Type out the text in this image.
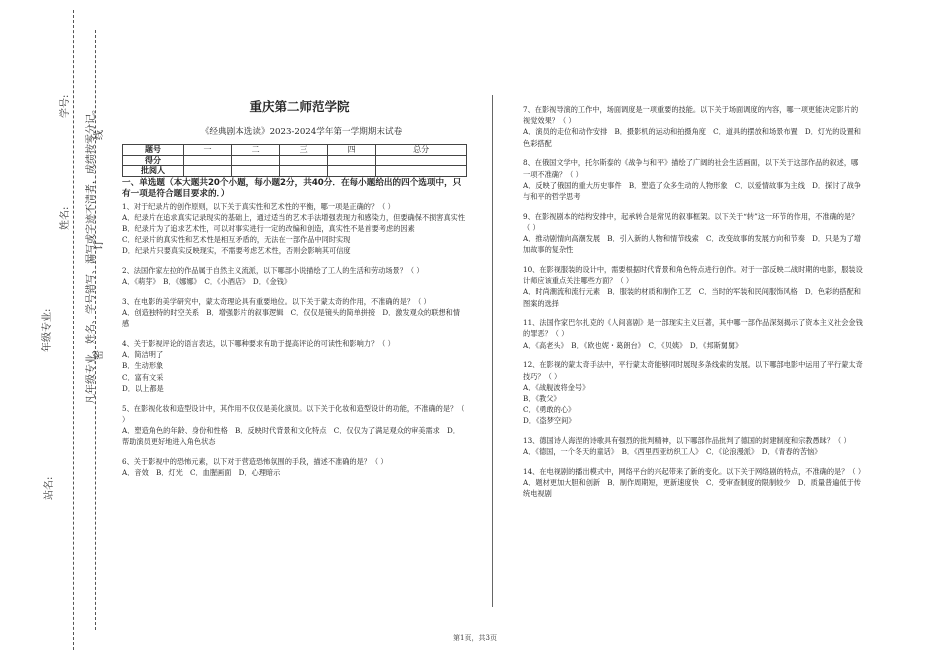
学号:
姓名:
年级专业:
站名:
凡年级专业、姓名、学号错写、漏写或字迹不清者，成绩按零分记。
线
订
密
重庆第二师范学院
《经典剧本选读》2023-2024学年第一学期期末试卷
题号	一	二	三	四	总分
得分					
批阅人					
一、单选题（本大题共20个小题，每小题2分，共40分．在每小题给出的四个选项中，只有一项是符合题目要求的．）

1、对于纪录片的创作原则，以下关于真实性和艺术性的平衡，哪一项是正确的？（ ）

A．纪录片在追求真实记录现实的基础上，通过适当的艺术手法增强表现力和感染力，但要确保不损害真实性

B．纪录片为了追求艺术性，可以对事实进行一定的改编和创造，真实性不是首要考虑的因素

C．纪录片的真实性和艺术性是相互矛盾的，无法在一部作品中同时实现

D．纪录片只要真实反映现实，不需要考虑艺术性，否则会影响其可信度

2、法国作家左拉的作品属于自然主义流派，以下哪部小说描绘了工人的生活和劳动场景？（ ）

A．《萌芽》　B．《娜娜》　C．《小酒店》　D．《金钱》

3、在电影的美学研究中，蒙太奇理论具有重要地位。以下关于蒙太奇的作用，不准确的是？（ ）

A．创造独特的时空关系　B．增强影片的叙事逻辑　C．仅仅是镜头的简单拼接　D．激发观众的联想和情感

4、关于影视评论的语言表达，以下哪种要求有助于提高评论的可读性和影响力？（ ）

A．简洁明了

B．生动形象

C．富有文采

D．以上都是

5、在影视化妆和造型设计中，其作用不仅仅是美化演员。以下关于化妆和造型设计的功能，不准确的是？（ ）

A．塑造角色的年龄、身份和性格　B．反映时代背景和文化特点　C．仅仅为了满足观众的审美需求　D．帮助演员更好地进入角色状态

6、关于影视中的恐怖元素，以下对于营造恐怖氛围的手段，描述不准确的是？（ ）

A．音效　B．灯光　C．血腥画面　D．心理暗示

7、在影视导演的工作中，场面调度是一项重要的技能。以下关于场面调度的内容，哪一项更能决定影片的视觉效果？（ ）

A．演员的走位和动作安排　B．摄影机的运动和拍摄角度　C．道具的摆放和场景布置　D．灯光的设置和色彩搭配

8、在俄国文学中，托尔斯泰的《战争与和平》描绘了广阔的社会生活画面，以下关于这部作品的叙述，哪一项不准确？（ ）

A．反映了俄国的重大历史事件　B．塑造了众多生动的人物形象　C．以爱情故事为主线　D．探讨了战争与和平的哲学思考

9、在影视剧本的结构安排中，起承转合是常见的叙事框架。以下关于“转”这一环节的作用，不准确的是？（ ）

A．推动剧情向高潮发展　B．引入新的人物和情节线索　C．改变故事的发展方向和节奏　D．只是为了增加故事的复杂性

10、在影视服装的设计中，需要根据时代背景和角色特点进行创作。对于一部反映二战时期的电影，服装设计师应该重点关注哪些方面？（ ）

A．时尚潮流和流行元素　B．服装的材质和制作工艺　C．当时的军装和民间服饰风格　D．色彩的搭配和图案的选择

11、法国作家巴尔扎克的《人间喜剧》是一部现实主义巨著，其中哪一部作品深刻揭示了资本主义社会金钱的罪恶？（ ）

A．《高老头》　B．《欧也妮・葛朗台》　C．《贝姨》　D．《邦斯舅舅》

12、在影视的蒙太奇手法中，平行蒙太奇能够同时展现多条线索的发展。以下哪部电影中运用了平行蒙太奇技巧？（ ）

A．《战舰波将金号》

B．《教父》

C．《勇敢的心》

D．《盗梦空间》

13、德国诗人海涅的诗歌具有强烈的批判精神，以下哪部作品批判了德国的封建制度和宗教愚昧？（ ）

A．《德国，一个冬天的童话》　B．《西里西亚纺织工人》　C．《论浪漫派》　D．《青春的苦恼》

14、在电视剧的播出模式中，网络平台的兴起带来了新的变化。以下关于网络剧的特点，不准确的是？（ ）

A．题材更加大胆和创新　B．制作周期短，更新速度快　C．受审查制度的限制较少　D．质量普遍低于传统电视剧

第1页，共3页
